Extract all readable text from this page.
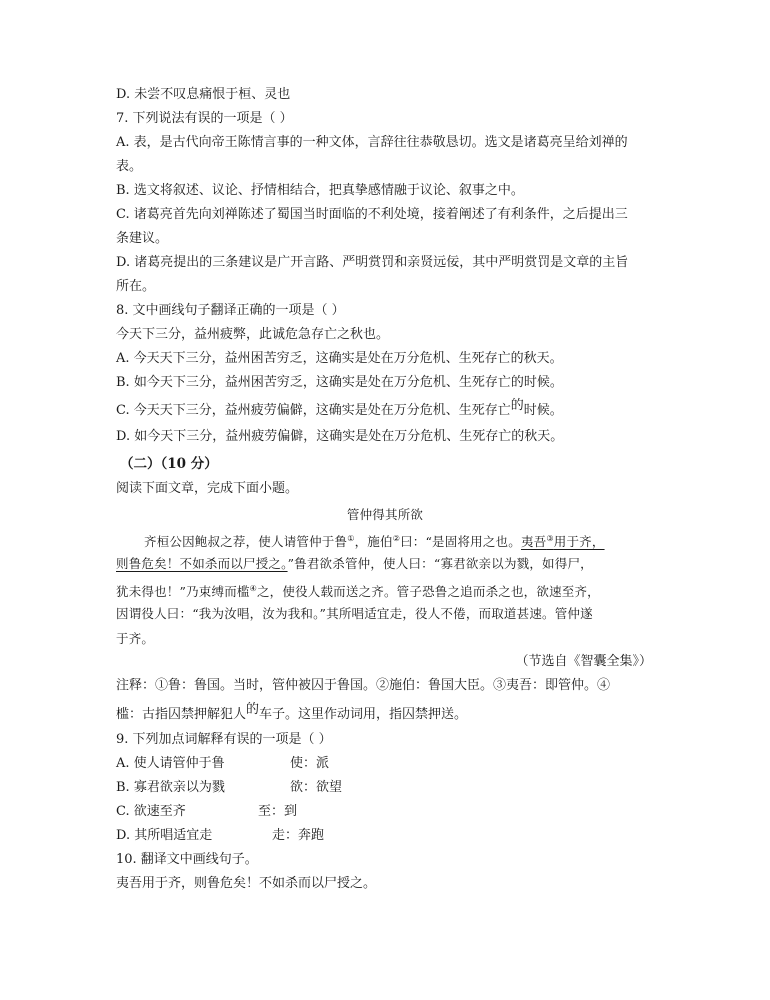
D. 未尝不叹息痛恨于桓、灵也
7. 下列说法有误的一项是（ ）
A. 表，是古代向帝王陈情言事的一种文体，言辞往往恭敬恳切。选文是诸葛亮呈给刘禅的
表。
B. 选文将叙述、议论、抒情相结合，把真挚感情融于议论、叙事之中。
C. 诸葛亮首先向刘禅陈述了蜀国当时面临的不利处境，接着阐述了有利条件，之后提出三
条建议。
D. 诸葛亮提出的三条建议是广开言路、严明赏罚和亲贤远佞，其中严明赏罚是文章的主旨
所在。
8. 文中画线句子翻译正确的一项是（ ）
今天下三分，益州疲弊，此诚危急存亡之秋也。
A. 今天天下三分，益州困苦穷乏，这确实是处在万分危机、生死存亡的秋天。
B. 如今天下三分，益州困苦穷乏，这确实是处在万分危机、生死存亡的时候。
C. 今天天下三分，益州疲劳偏僻，这确实是处在万分危机、生死存亡的时候。
D. 如今天下三分，益州疲劳偏僻，这确实是处在万分危机、生死存亡的秋天。
（二）（10 分）
阅读下面文章，完成下面小题。
管仲得其所欲
齐桓公因鲍叔之荐，使人请管仲于鲁①，施伯②曰：“是固将用之也。夷吾③用于齐，
则鲁危矣！不如杀而以尸授之。”鲁君欲杀管仲，使人曰：“寡君欲亲以为戮，如得尸，
犹未得也！”乃束缚而槛④之，使役人载而送之齐。管子恐鲁之追而杀之也，欲速至齐，
因谓役人曰：“我为汝唱，汝为我和。”其所唱适宜走，役人不倦，而取道甚速。管仲遂
于齐。
（节选自《智囊全集》）
注释：①鲁：鲁国。当时，管仲被囚于鲁国。②施伯：鲁国大臣。③夷吾：即管仲。④
槛：古指囚禁押解犯人的车子。这里作动词用，指囚禁押送。
9. 下列加点词解释有误的一项是（ ）
A. 使人请管仲于鲁	使：派
B. 寡君欲亲以为戮	欲：欲望
C. 欲速至齐	至：到
D. 其所唱适宜走	走：奔跑
10. 翻译文中画线句子。
夷吾用于齐，则鲁危矣！不如杀而以尸授之。
